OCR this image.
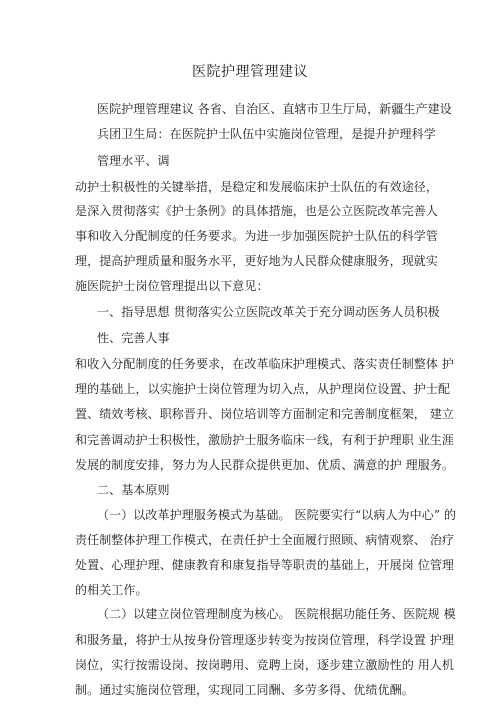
医院护理管理建议
医院护理管理建议 各省、自治区、直辖市卫生厅局，新疆生产建设
兵团卫生局：在医院护士队伍中实施岗位管理，是提升护理科学
管理水平、调
动护士积极性的关键举措，是稳定和发展临床护士队伍的有效途径，
是深入贯彻落实《护士条例》的具体措施，也是公立医院改革完善人
事和收入分配制度的任务要求。为进一步加强医院护士队伍的科学管
理，提高护理质量和服务水平，更好地为人民群众健康服务，现就实
施医院护士岗位管理提出以下意见：
一、指导思想 贯彻落实公立医院改革关于充分调动医务人员积极
性、完善人事
和收入分配制度的任务要求，在改革临床护理模式、落实责任制整体 护
理的基础上，以实施护士岗位管理为切入点，从护理岗位设置、护士配
置、绩效考核、职称晋升、岗位培训等方面制定和完善制度框架， 建立
和完善调动护士积极性，激励护士服务临床一线，有利于护理职 业生涯
发展的制度安排，努力为人民群众提供更加、优质、满意的护 理服务。
二、基本原则
（一）以改革护理服务模式为基础。 医院要实行“以病人为中心” 的
责任制整体护理工作模式，在责任护士全面履行照顾、病情观察、 治疗
处置、心理护理、健康教育和康复指导等职责的基础上，开展岗 位管理
的相关工作。
（二）以建立岗位管理制度为核心。 医院根据功能任务、医院规 模
和服务量，将护士从按身份管理逐步转变为按岗位管理，科学设置 护理
岗位，实行按需设岗、按岗聘用、竞聘上岗，逐步建立激励性的 用人机
制。通过实施岗位管理，实现同工同酬、多劳多得、优绩优酬。
